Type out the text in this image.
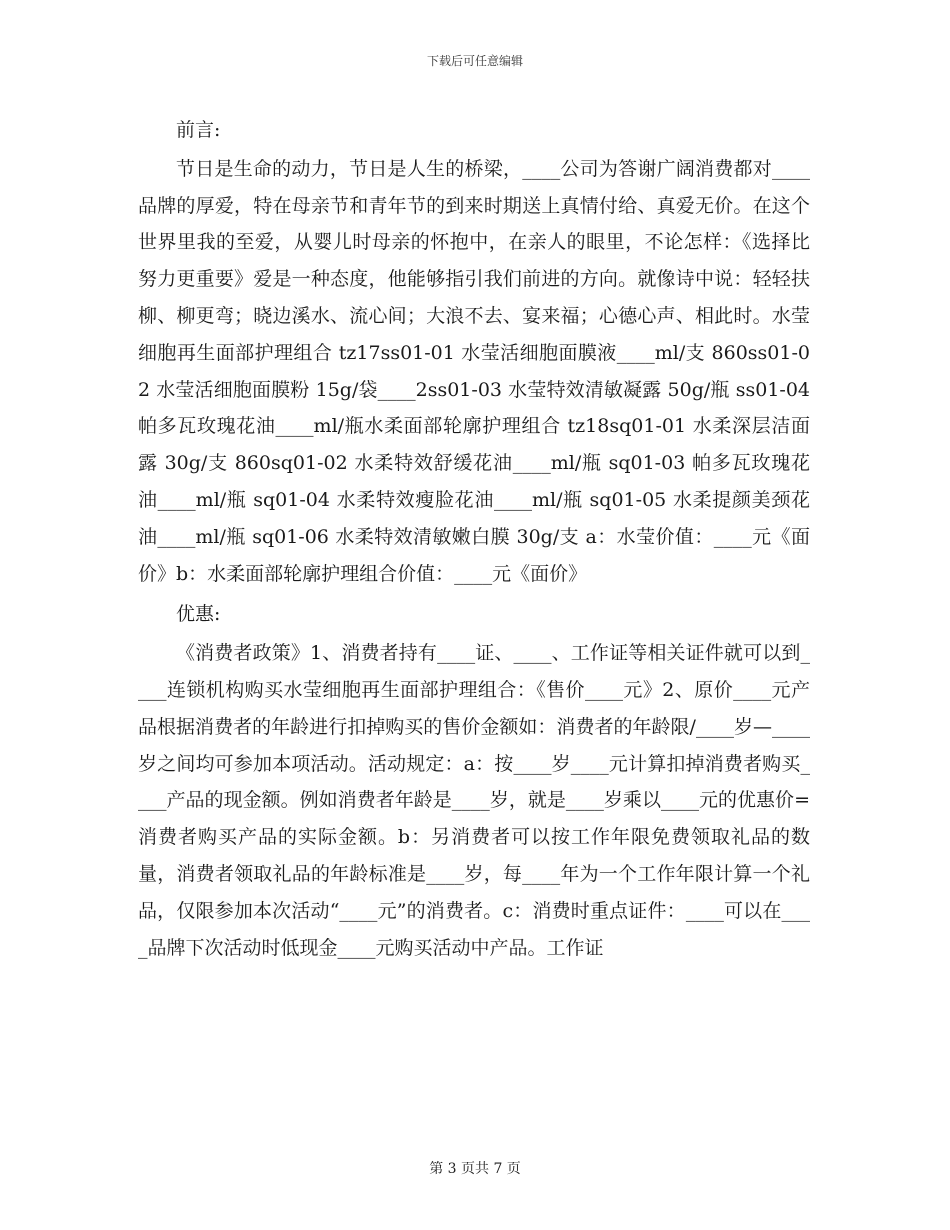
下载后可任意编辑
前言:

节日是生命的动力，节日是人生的桥梁，____公司为答谢广阔消费都对____品牌的厚爱，特在母亲节和青年节的到来时期送上真情付给、真爱无价。在这个世界里我的至爱，从婴儿时母亲的怀抱中，在亲人的眼里，不论怎样：《选择比努力更重要》爱是一种态度，他能够指引我们前进的方向。就像诗中说：轻轻扶柳、柳更弯；晓边溪水、流心间；大浪不去、宴来福；心德心声、相此时。水莹细胞再生面部护理组合 tz17ss01-01 水莹活细胞面膜液____ml/支 860ss01-02 水莹活细胞面膜粉 15g/袋____2ss01-03 水莹特效清敏凝露 50g/瓶 ss01-04 帕多瓦玫瑰花油____ml/瓶水柔面部轮廓护理组合 tz18sq01-01 水柔深层洁面露 30g/支 860sq01-02 水柔特效舒缓花油____ml/瓶 sq01-03 帕多瓦玫瑰花油____ml/瓶 sq01-04 水柔特效瘦脸花油____ml/瓶 sq01-05 水柔提颜美颈花油____ml/瓶 sq01-06 水柔特效清敏嫩白膜 30g/支 a：水莹价值：____元《面价》b：水柔面部轮廓护理组合价值：____元《面价》

优惠:

《消费者政策》1、消费者持有____证、____、工作证等相关证件就可以到____连锁机构购买水莹细胞再生面部护理组合：《售价____元》2、原价____元产品根据消费者的年龄进行扣掉购买的售价金额如：消费者的年龄限/____岁—____岁之间均可参加本项活动。活动规定：a：按____岁____元计算扣掉消费者购买____产品的现金额。例如消费者年龄是____岁，就是____岁乘以____元的优惠价=消费者购买产品的实际金额。b：另消费者可以按工作年限免费领取礼品的数量，消费者领取礼品的年龄标准是____岁，每____年为一个工作年限计算一个礼品，仅限参加本次活动“____元”的消费者。c：消费时重点证件：____可以在____品牌下次活动时低现金____元购买活动中产品。工作证

第 3 页共 7 页
